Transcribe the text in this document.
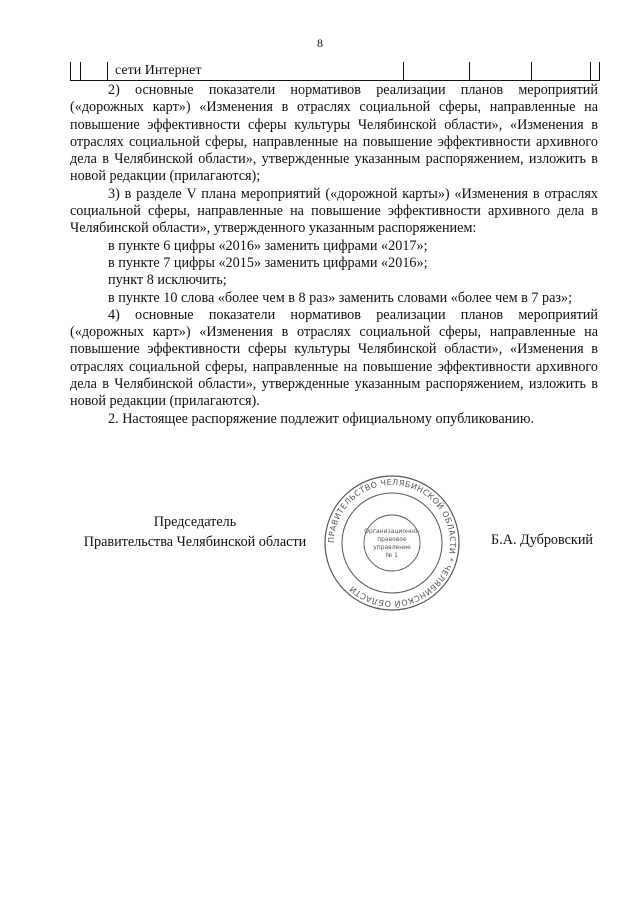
8
сети Интернет

2) основные показатели нормативов реализации планов мероприятий («дорожных карт») «Изменения в отраслях социальной сферы, направленные на повышение эффективности сферы культуры Челябинской области», «Изменения в отраслях социальной сферы, направленные на повышение эффективности архивного дела в Челябинской области», утвержденные указанным распоряжением, изложить в новой редакции (прилагаются);

3) в разделе V плана мероприятий («дорожной карты») «Изменения в отраслях социальной сферы, направленные на повышение эффективности архивного дела в Челябинской области», утвержденного указанным распоряжением:

в пункте 6 цифры «2016» заменить цифрами «2017»;

в пункте 7 цифры «2015» заменить цифрами «2016»;

пункт 8 исключить;

в пункте 10 слова «более чем в 8 раз» заменить словами «более чем в 7 раз»;

4) основные показатели нормативов реализации планов мероприятий («дорожных карт») «Изменения в отраслях социальной сферы, направленные на повышение эффективности сферы культуры Челябинской области», «Изменения в отраслях социальной сферы, направленные на повышение эффективности архивного дела в Челябинской области», утвержденные указанным распоряжением, изложить в новой редакции (прилагаются).

2. Настоящее распоряжение подлежит официальному опубликованию.

ПРАВИТЕЛЬСТВО ЧЕЛЯБИНСКОЙ ОБЛАСТИ * ЧЕЛЯБИНСКОЙ ОБЛАСТИ
Организационно-
правовое
управление
№ 1
Председатель
Правительства Челябинской области	Б.А. Дубровский
